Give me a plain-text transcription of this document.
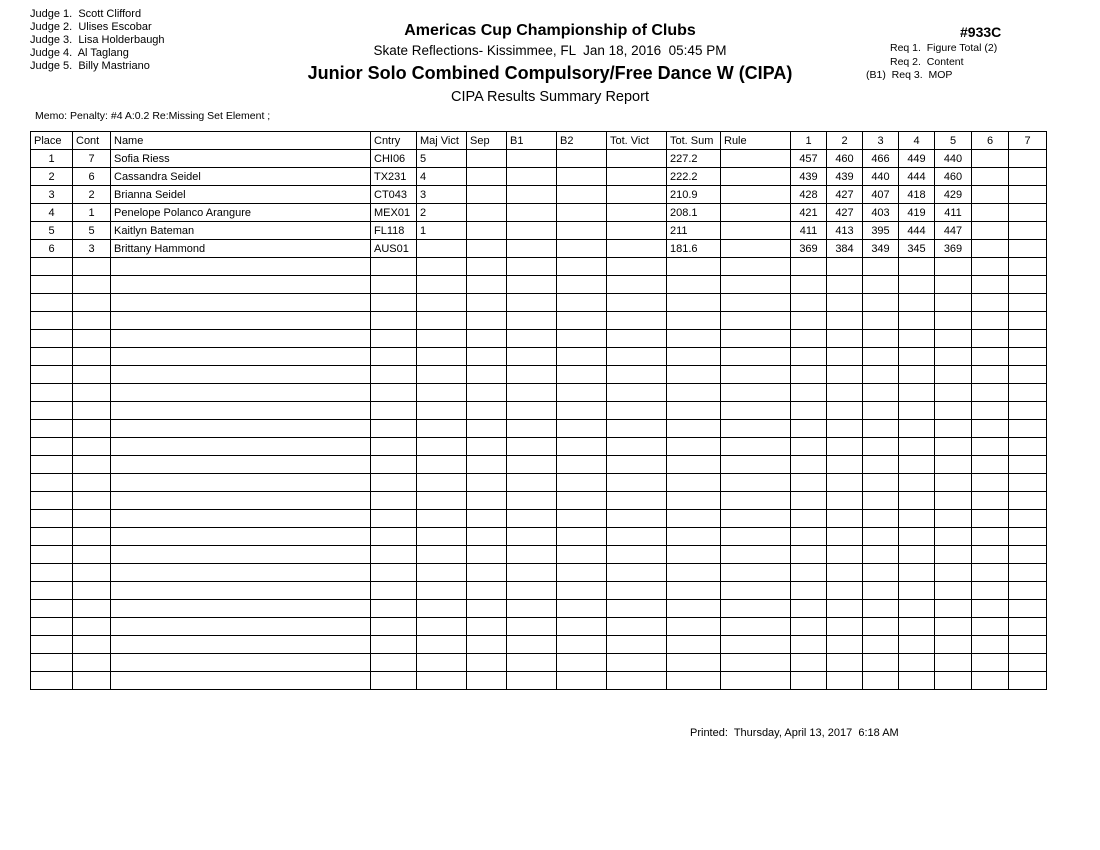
Judge 1.  Scott Clifford
Judge 2.  Ulises Escobar
Judge 3.  Lisa Holderbaugh
Judge 4.  Al Taglang
Judge 5.  Billy Mastriano
Americas Cup Championship of Clubs
Skate Reflections- Kissimmee, FL  Jan 18, 2016  05:45 PM
Junior Solo Combined Compulsory/Free Dance W (CIPA)
CIPA Results Summary Report
#933C
Req 1.  Figure Total (2)
Req 2.  Content
(B1)  Req 3.  MOP
Memo: Penalty: #4 A:0.2 Re:Missing Set Element ;
Place	Cont	Name	Cntry	Maj Vict	Sep	B1	B2	Tot. Vict	Tot. Sum	Rule	1	2	3	4	5	6	7
1	7	Sofia Riess	CHI06	5					227.2		457	460	466	449	440		
2	6	Cassandra Seidel	TX231	4					222.2		439	439	440	444	460		
3	2	Brianna Seidel	CT043	3					210.9		428	427	407	418	429		
4	1	Penelope Polanco Arangure	MEX01	2					208.1		421	427	403	419	411		
5	5	Kaitlyn Bateman	FL118	1					211		411	413	395	444	447		
6	3	Brittany Hammond	AUS01						181.6		369	384	349	345	369		

Printed:  Thursday, April 13, 2017  6:18 AM
